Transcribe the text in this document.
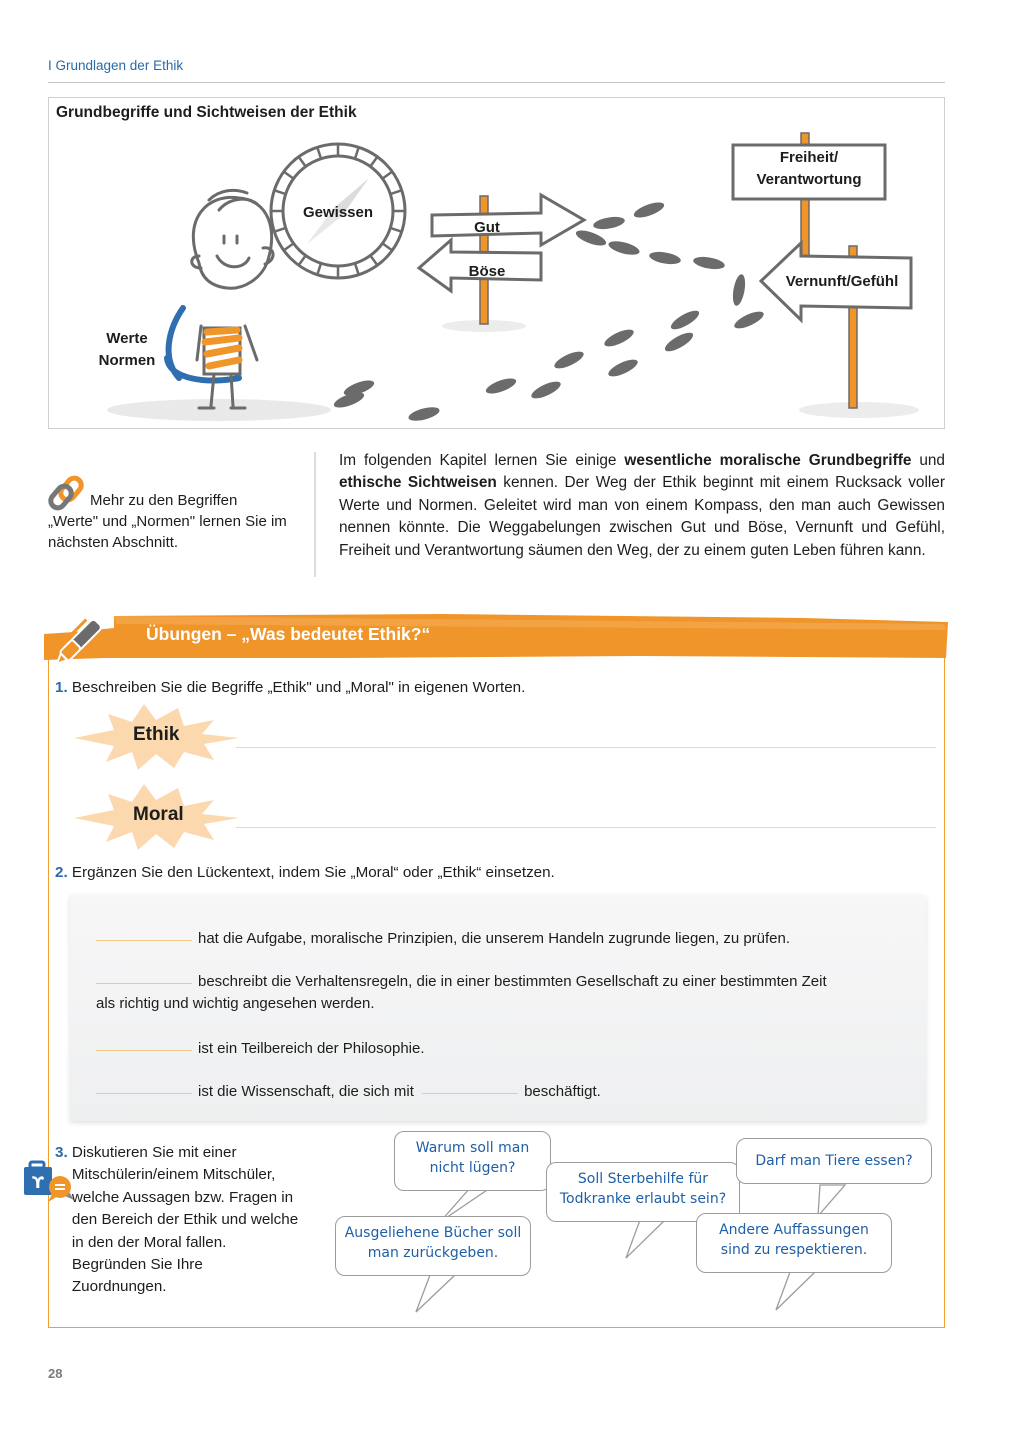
I Grundlagen der Ethik
Grundbegriffe und Sichtweisen der Ethik
Werte
Normen
Gewissen
Gut
Böse
Freiheit/
Verantwortung
Vernunft/Gefühl
Mehr zu den Begriffen „Werte" und „Normen" lernen Sie im nächsten Abschnitt.
Im folgenden Kapitel lernen Sie einige wesentliche moralische Grundbegriffe und ethische Sichtweisen kennen. Der Weg der Ethik beginnt mit einem Rucksack voller Werte und Normen. Geleitet wird man von einem Kompass, den man auch Gewissen nennen könnte. Die Weggabelungen zwischen Gut und Böse, Vernunft und Gefühl, Freiheit und Verantwortung säumen den Weg, der zu einem guten Leben führen kann.
Übungen – „Was bedeutet Ethik?“
1. Beschreiben Sie die Begriffe „Ethik" und „Moral" in eigenen Worten.
Ethik
Moral
2. Ergänzen Sie den Lückentext, indem Sie „Moral“ oder „Ethik“ einsetzen.
hat die Aufgabe, moralische Prinzipien, die unserem Handeln zugrunde liegen, zu prüfen.
beschreibt die Verhaltensregeln, die in einer bestimmten Gesellschaft zu einer bestimmten Zeit
als richtig und wichtig angesehen werden.
ist ein Teilbereich der Philosophie.
ist die Wissenschaft, die sich mit	beschäftigt.
ϒ
3. Diskutieren Sie mit einer Mitschülerin/einem Mitschüler, welche Aussagen bzw. Fragen in den Bereich der Ethik und welche in den der Moral fallen. Begründen Sie Ihre Zuordnungen.
Warum soll man nicht lügen?
Soll Sterbehilfe für Todkranke erlaubt sein?
Darf man Tiere essen?
Ausgeliehene Bücher soll man zurückgeben.
Andere Auffassungen sind zu respektieren.
28
